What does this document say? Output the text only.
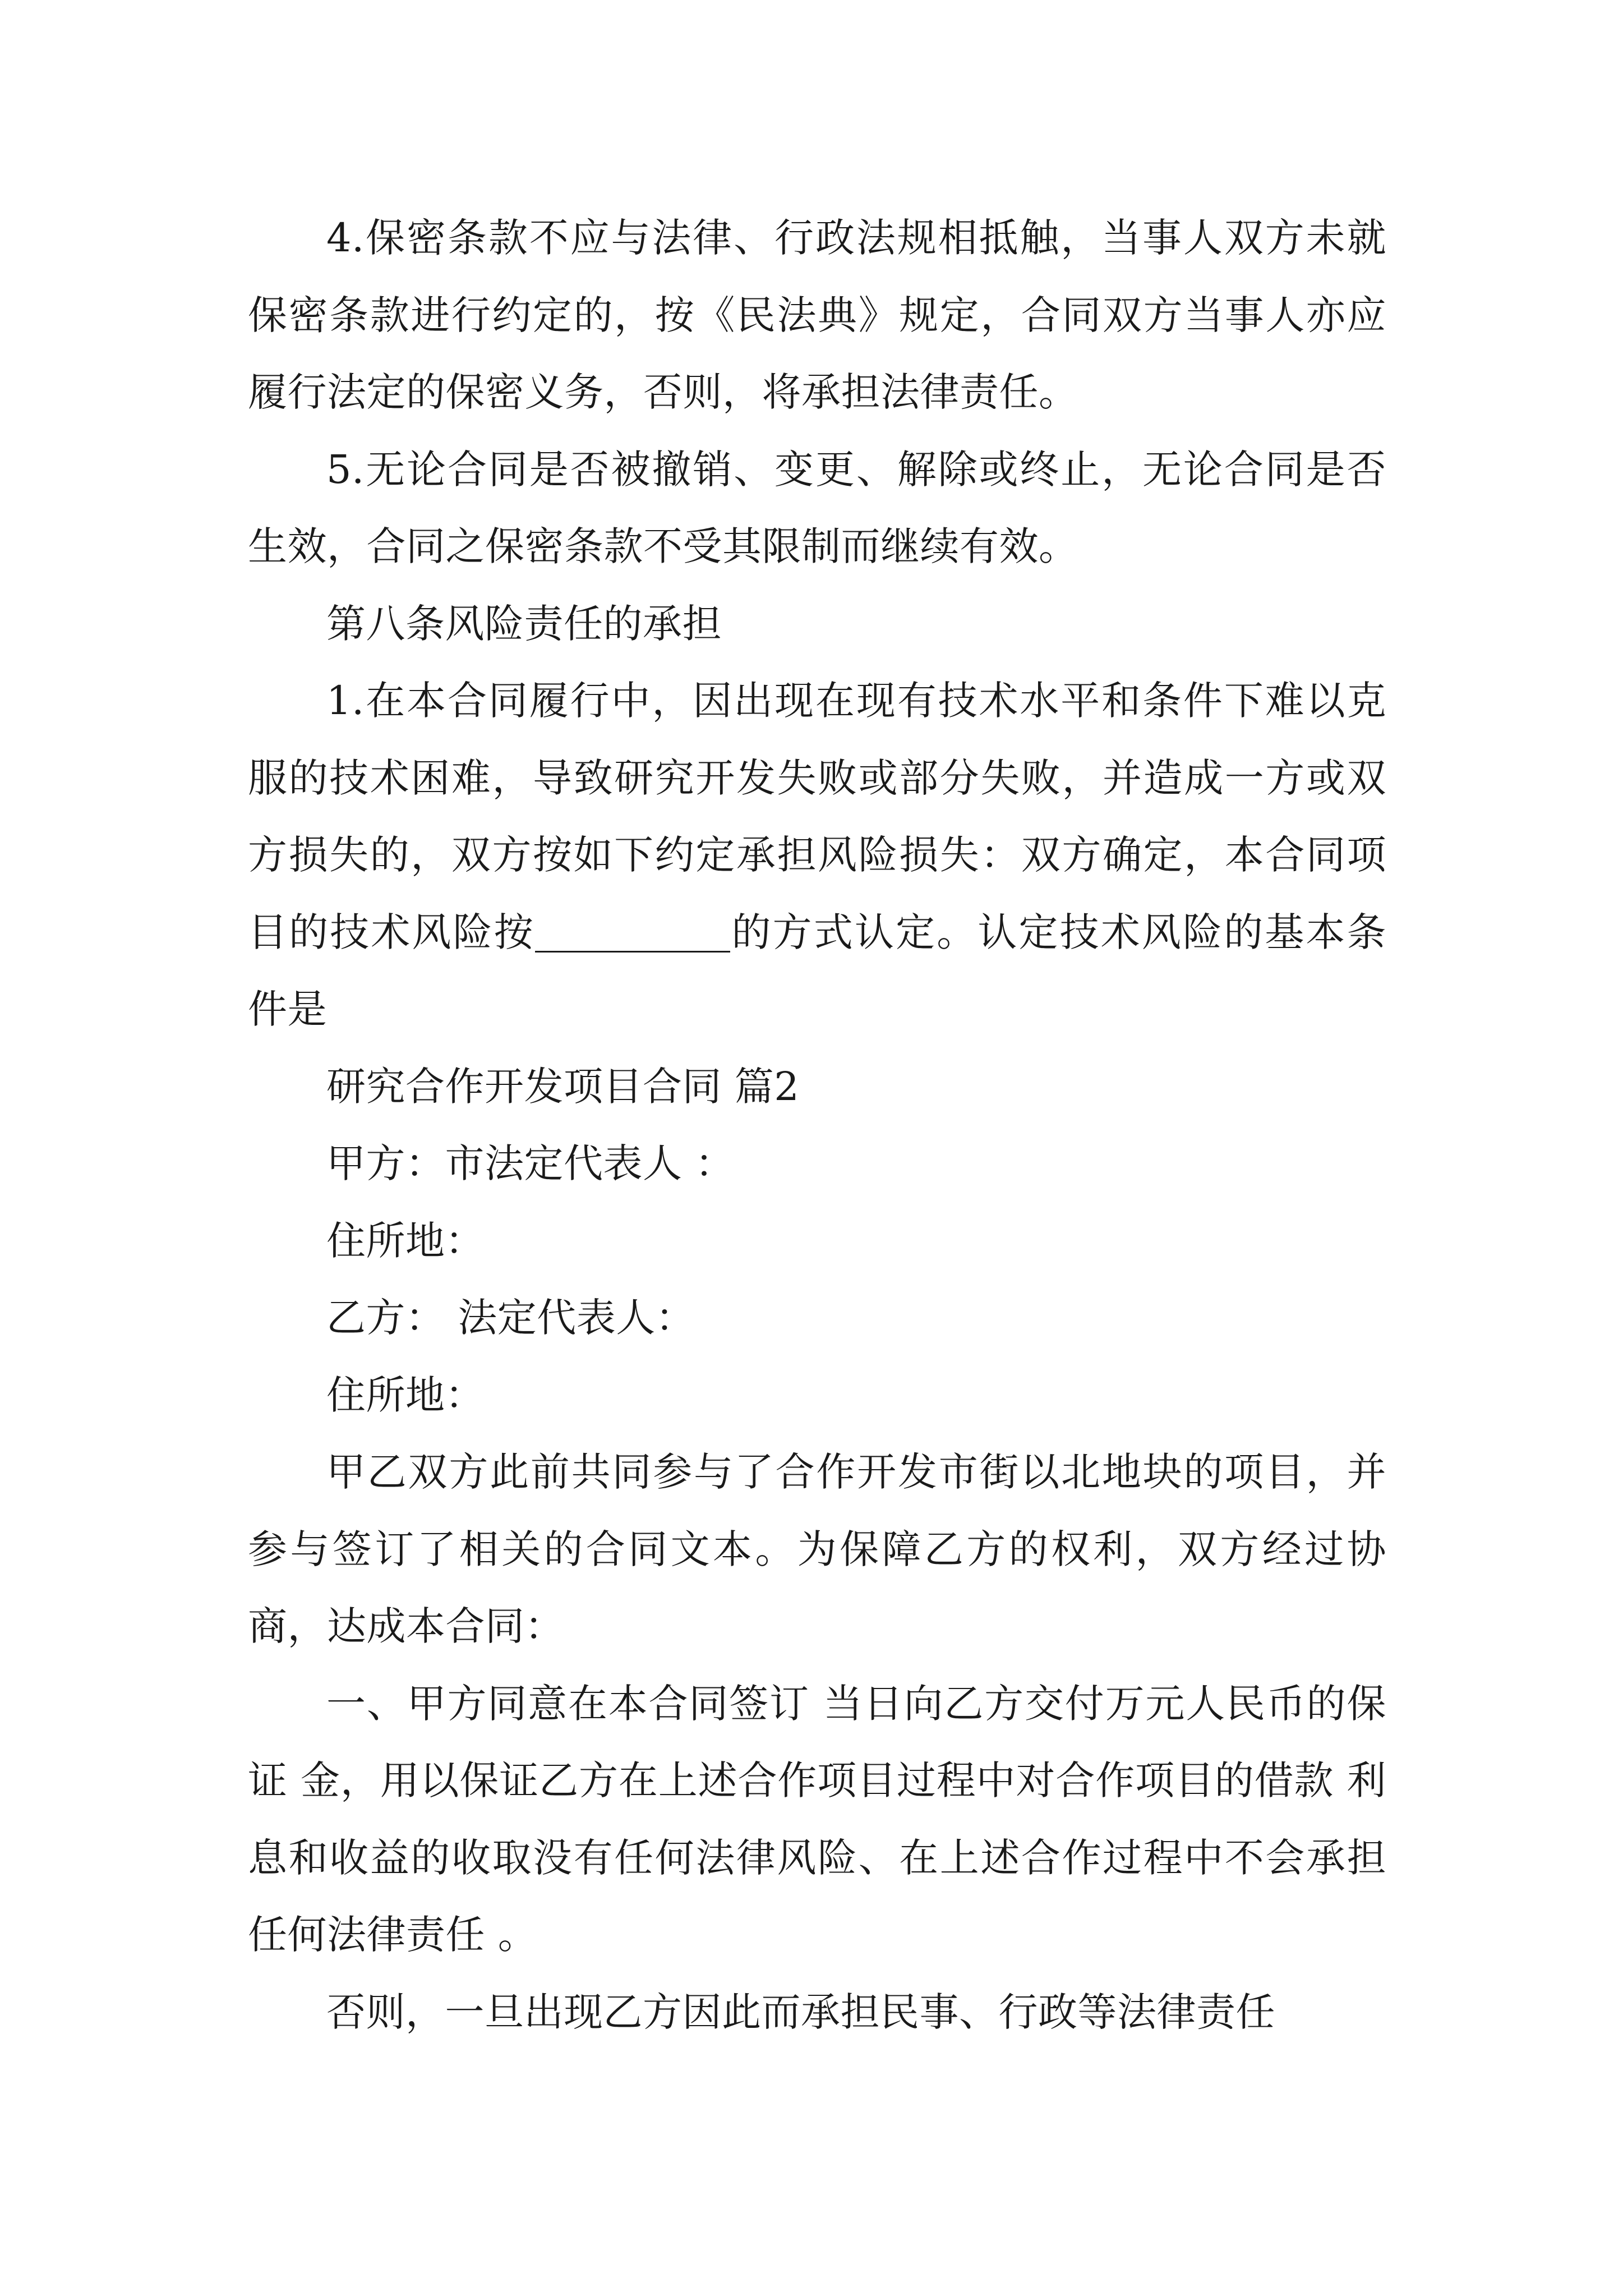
4.保密条款不应与法律、行政法规相抵触，当事人双方未就保密条款进行约定的，按《民法典》规定，合同双方当事人亦应履行法定的保密义务，否则，将承担法律责任。

5.无论合同是否被撤销、变更、解除或终止，无论合同是否生效，合同之保密条款不受其限制而继续有效。

第八条风险责任的承担

1.在本合同履行中，因出现在现有技术水平和条件下难以克服的技术困难，导致研究开发失败或部分失败，并造成一方或双方损失的，双方按如下约定承担风险损失：双方确定，本合同项目的技术风险按	的方式认定。认定技术风险的基本条件是

研究合作开发项目合同 篇2

甲方：市法定代表人 ：

住所地：

乙方： 法定代表人：

住所地：

甲乙双方此前共同参与了合作开发市街以北地块的项目，并参与签订了相关的合同文本。为保障乙方的权利，双方经过协商，达成本合同：

一、甲方同意在本合同签订 当日向乙方交付万元人民币的保证 金，用以保证乙方在上述合作项目过程中对合作项目的借款 利息和收益的收取没有任何法律风险、在上述合作过程中不会承担任何法律责任 。

否则，一旦出现乙方因此而承担民事、行政等法律责任
